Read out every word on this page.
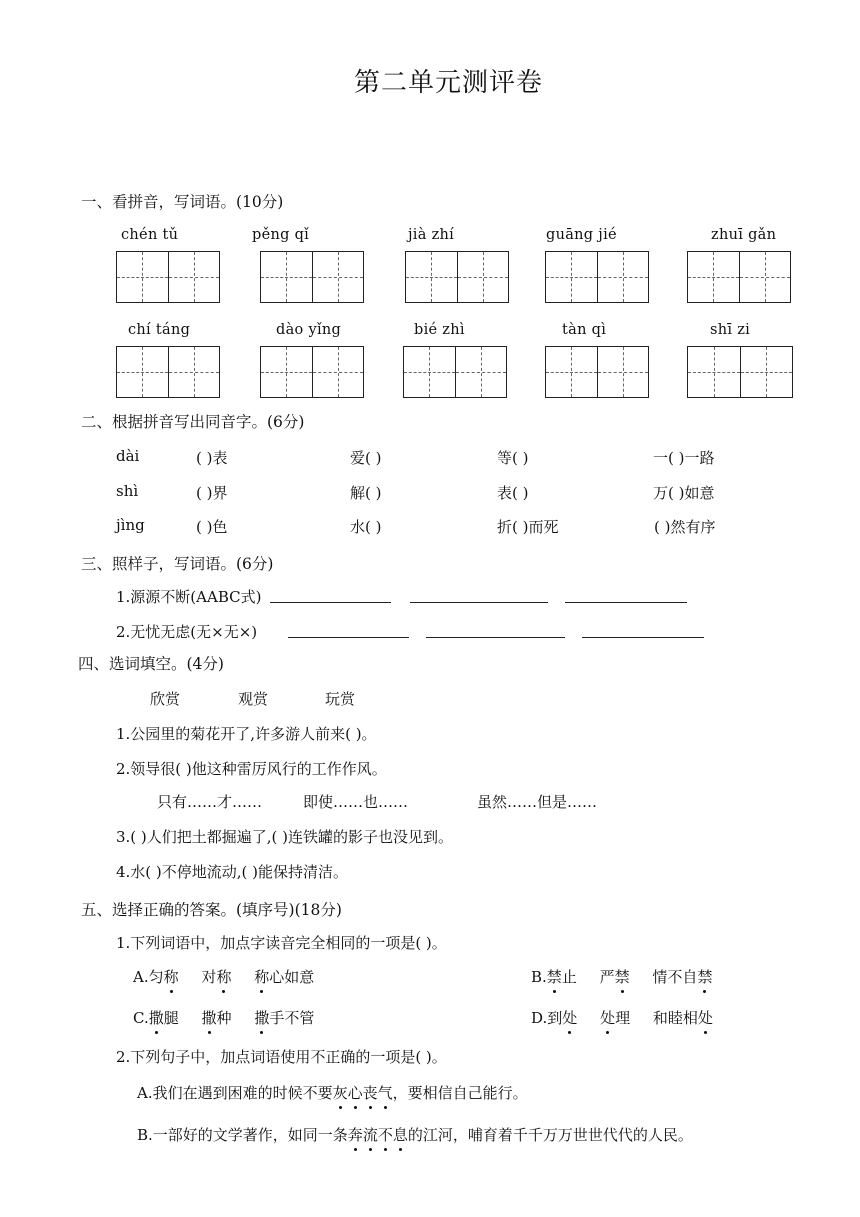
第二单元测评卷
一、看拼音，写词语。(10分)
chén tǔ	pěng qǐ	jià zhí	guāng jié	zhuī gǎn
chí táng	dào yǐng	bié zhì	tàn qì	shī zi
二、根据拼音写出同音字。(6分)
dài	( )表	爱( )	等( )	一( )一路
shì	( )界	解( )	表( )	万( )如意
jìng	( )色	水( )	折( )而死	( )然有序
三、照样子，写词语。(6分)
1.源源不断(AABC式)
2.无忧无虑(无×无×)
四、选词填空。(4分)
欣赏	观赏	玩赏
1.公园里的菊花开了,许多游人前来( )。
2.领导很( )他这种雷厉风行的工作作风。
只有……才……	即使……也……	虽然……但是……
3.( )人们把土都掘遍了,( )连铁罐的影子也没见到。
4.水( )不停地流动,( )能保持清洁。
五、选择正确的答案。(填序号)(18分)
1.下列词语中，加点字读音完全相同的一项是( )。
A.匀称 对称 称心如意	B.禁止 严禁 情不自禁
C.撒腿 撒种 撒手不管	D.到处 处理 和睦相处
2.下列句子中，加点词语使用不正确的一项是( )。
A.我们在遇到困难的时候不要灰心丧气，要相信自己能行。
B.一部好的文学著作，如同一条奔流不息的江河，哺育着千千万万世世代代的人民。
